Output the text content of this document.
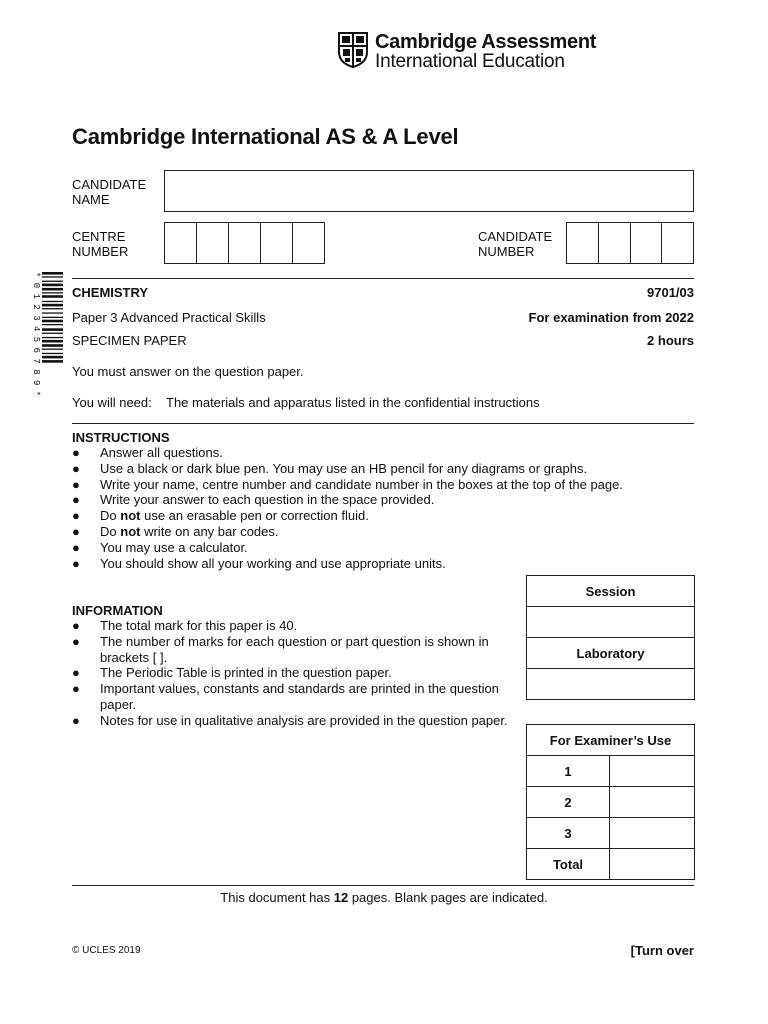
Cambridge Assessment
International Education
Cambridge International AS & A Level
CANDIDATE
NAME
CENTRE
NUMBER
CANDIDATE
NUMBER
* 0 1 2 3 4 5 6 7 8 9 * CHEMISTRY	9701/03
Paper 3 Advanced Practical Skills	For examination from 2022
SPECIMEN PAPER	2 hours
You must answer on the question paper.
You will need: The materials and apparatus listed in the confidential instructions
INSTRUCTIONS
● Answer all questions.
● Use a black or dark blue pen. You may use an HB pencil for any diagrams or graphs.
● Write your name, centre number and candidate number in the boxes at the top of the page.
● Write your answer to each question in the space provided.
● Do not use an erasable pen or correction fluid.
● Do not write on any bar codes.
● You may use a calculator.
● You should show all your working and use appropriate units.
INFORMATION
● The total mark for this paper is 40.
● The number of marks for each question or part question is shown in brackets [ ].
● The Periodic Table is printed in the question paper.
● Important values, constants and standards are printed in the question paper.
● Notes for use in qualitative analysis are provided in the question paper.
Session

Laboratory

For Examiner’s Use	
1	
2	
3	
Total	
This document has 12 pages. Blank pages are indicated.
© UCLES 2019	[Turn over
